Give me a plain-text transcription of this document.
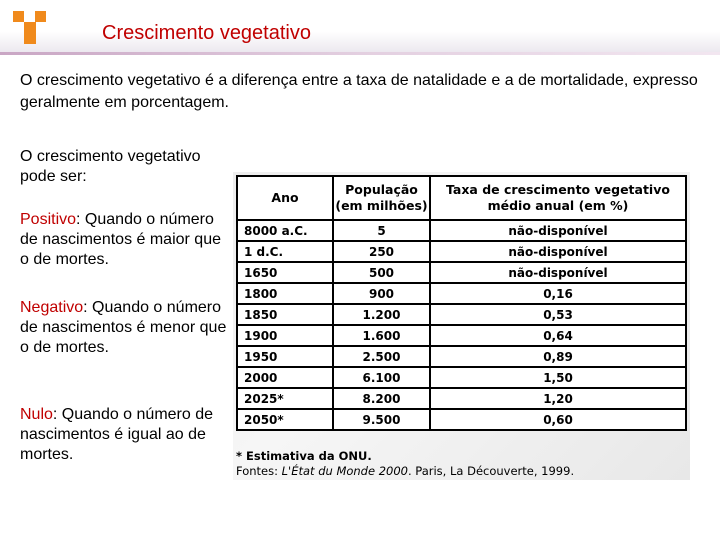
Crescimento vegetativo
O crescimento vegetativo é a diferença entre a taxa de natalidade e a de mortalidade, expresso geralmente em porcentagem.
O crescimento vegetativo pode ser:
Positivo: Quando o número de nascimentos é maior que o de mortes.
Negativo: Quando o número de nascimentos é menor que o de mortes.
Nulo: Quando o número de nascimentos é igual ao de mortes.
Ano	População (em milhões)	Taxa de crescimento vegetativo médio anual (em %)
8000 a.C.	5	não-disponível
1 d.C.	250	não-disponível
1650	500	não-disponível
1800	900	0,16
1850	1.200	0,53
1900	1.600	0,64
1950	2.500	0,89
2000	6.100	1,50
2025*	8.200	1,20
2050*	9.500	0,60
* Estimativa da ONU.
Fontes: L'État du Monde 2000. Paris, La Découverte, 1999.
